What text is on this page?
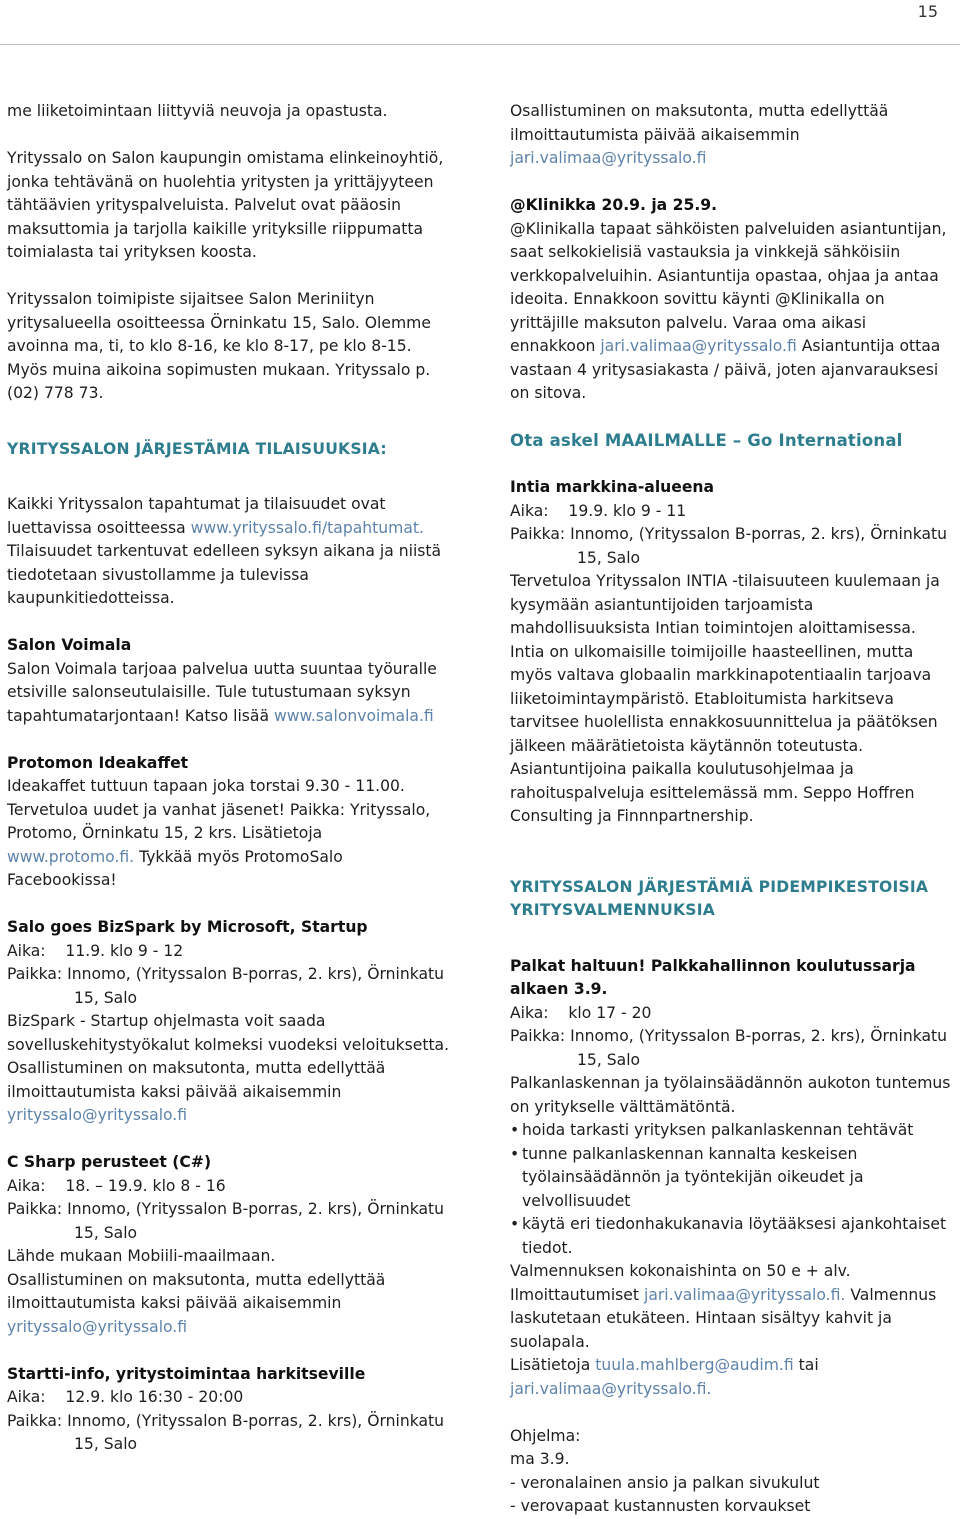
15

me liiketoimintaan liittyviä neuvoja ja opastusta.

Yrityssalo on Salon kaupungin omistama elinkeinoyhtiö, jonka tehtävänä on huolehtia yritysten ja yrittäjyyteen tähtäävien yrityspalveluista. Palvelut ovat pääosin maksuttomia ja tarjolla kaikille yrityksille riippumatta toimialasta tai yrityksen koosta.

Yrityssalon toimipiste sijaitsee Salon Meriniityn yritysalueella osoitteessa Örninkatu 15, Salo. Olemme avoinna ma, ti, to klo 8-16, ke klo 8-17, pe klo 8-15. Myös muina aikoina sopimusten mukaan. Yrityssalo p. (02) 778 73.

YRITYSSALON JÄRJESTÄMIA TILAISUUKSIA:

Kaikki Yrityssalon tapahtumat ja tilaisuudet ovat luettavissa osoitteessa www.yrityssalo.fi/tapahtumat. Tilaisuudet tarkentuvat edelleen syksyn aikana ja niistä tiedotetaan sivustollamme ja tulevissa kaupunkitiedotteissa.

Salon Voimala

Salon Voimala tarjoaa palvelua uutta suuntaa työuralle etsiville salonseutulaisille. Tule tutustumaan syksyn tapahtumatarjontaan! Katso lisää www.salonvoimala.fi

Protomon Ideakaffet

Ideakaffet tuttuun tapaan joka torstai 9.30 - 11.00. Tervetuloa uudet ja vanhat jäsenet! Paikka: Yrityssalo, Protomo, Örninkatu 15, 2 krs. Lisätietoja www.protomo.fi. Tykkää myös ProtomoSalo Facebookissa!

Salo goes BizSpark by Microsoft, Startup

Aika:    11.9. klo 9 - 12

Paikka: Innomo, (Yrityssalon B-porras, 2. krs), Örninkatu 15, Salo

BizSpark - Startup ohjelmasta voit saada sovelluskehitystyökalut kolmeksi vuodeksi veloituksetta.

Osallistuminen on maksutonta, mutta edellyttää ilmoittautumista kaksi päivää aikaisemmin yrityssalo@yrityssalo.fi

C Sharp perusteet (C#)

Aika:    18. – 19.9. klo 8 - 16

Paikka: Innomo, (Yrityssalon B-porras, 2. krs), Örninkatu 15, Salo

Lähde mukaan Mobiili-maailmaan.

Osallistuminen on maksutonta, mutta edellyttää ilmoittautumista kaksi päivää aikaisemmin yrityssalo@yrityssalo.fi

Startti-info, yritystoimintaa harkitseville

Aika:    12.9. klo 16:30 - 20:00

Paikka: Innomo, (Yrityssalon B-porras, 2. krs), Örninkatu 15, Salo

Osallistuminen on maksutonta, mutta edellyttää ilmoittautumista päivää aikaisemmin jari.valimaa@yrityssalo.fi

@Klinikka 20.9. ja 25.9.

@Klinikalla tapaat sähköisten palveluiden asiantuntijan, saat selkokielisiä vastauksia ja vinkkejä sähköisiin verkkopalveluihin. Asiantuntija opastaa, ohjaa ja antaa ideoita. Ennakkoon sovittu käynti @Klinikalla on yrittäjille maksuton palvelu. Varaa oma aikasi ennakkoon jari.valimaa@yrityssalo.fi Asiantuntija ottaa vastaan 4 yritysasiakasta / päivä, joten ajanvarauksesi on sitova.

Ota askel MAAILMALLE – Go International

Intia markkina-alueena

Aika:    19.9. klo 9 - 11

Paikka: Innomo, (Yrityssalon B-porras, 2. krs), Örninkatu 15, Salo

Tervetuloa Yrityssalon INTIA -tilaisuuteen kuulemaan ja kysymään asiantuntijoiden tarjoamista mahdollisuuksista Intian toimintojen aloittamisessa. Intia on ulkomaisille toimijoille haasteellinen, mutta myös valtava globaalin markkinapotentiaalin tarjoava liiketoimintaympäristö. Etabloitumista harkitseva tarvitsee huolellista ennakkosuunnittelua ja päätöksen jälkeen määrätietoista käytännön toteutusta. Asiantuntijoina paikalla koulutusohjelmaa ja rahoituspalveluja esittelemässä mm. Seppo Hoffren Consulting ja Finnnpartnership.

YRITYSSALON JÄRJESTÄMIÄ PIDEMPIKESTOISIA YRITYSVALMENNUKSIA

Palkat haltuun! Palkkahallinnon koulutussarja alkaen 3.9.

Aika:    klo 17 - 20

Paikka: Innomo, (Yrityssalon B-porras, 2. krs), Örninkatu 15, Salo

Palkanlaskennan ja työlainsäädännön aukoton tuntemus on yritykselle välttämätöntä.

• hoida tarkasti yrityksen palkanlaskennan tehtävät

• tunne palkanlaskennan kannalta keskeisen työlainsäädännön ja työntekijän oikeudet ja velvollisuudet

• käytä eri tiedonhakukanavia löytääksesi ajankohtaiset tiedot.

Valmennuksen kokonaishinta on 50 e + alv. Ilmoittautumiset jari.valimaa@yrityssalo.fi. Valmennus laskutetaan etukäteen. Hintaan sisältyy kahvit ja suolapala.

Lisätietoja tuula.mahlberg@audim.fi tai jari.valimaa@yrityssalo.fi.

Ohjelma:

ma 3.9.

- veronalainen ansio ja palkan sivukulut

- verovapaat kustannusten korvaukset
